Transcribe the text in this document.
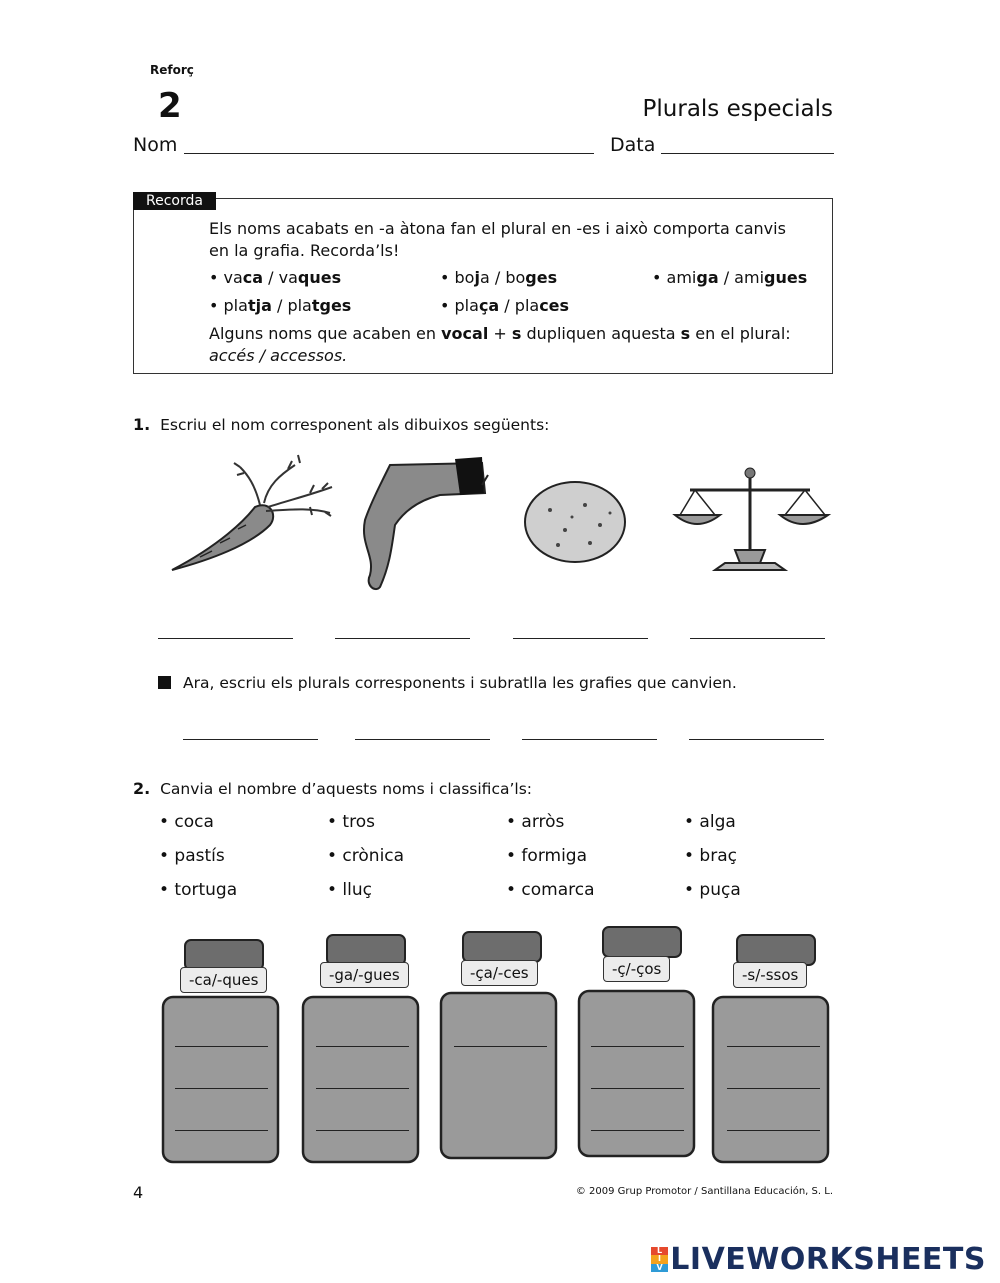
Reforç
2	Plurals especials
Nom	Data
Recorda
Els noms acabats en -a àtona fan el plural en -es i això comporta canvis
en la grafia. Recorda’ls!
• vaca / vaques	• boja / boges	• amiga / amigues
• platja / platges	• plaça / places
Alguns noms que acaben en vocal + s dupliquen aquesta s en el plural:
accés / accessos.
1. Escriu el nom corresponent als dibuixos següents:
Ara, escriu els plurals corresponents i subratlla les grafies que canvien.
2. Canvia el nombre d’aquests noms i classifica’ls:
• coca
• pastís
• tortuga
• tros
• crònica
• lluç
• arròs
• formiga
• comarca
• alga
• braç
• puça
-ca/-ques	-ga/-gues	-ça/-ces	-ç/-ços	-s/-ssos
4	© 2009 Grup Promotor / Santillana Educación, S. L.
L
I
V LIVEWORKSHEETS
